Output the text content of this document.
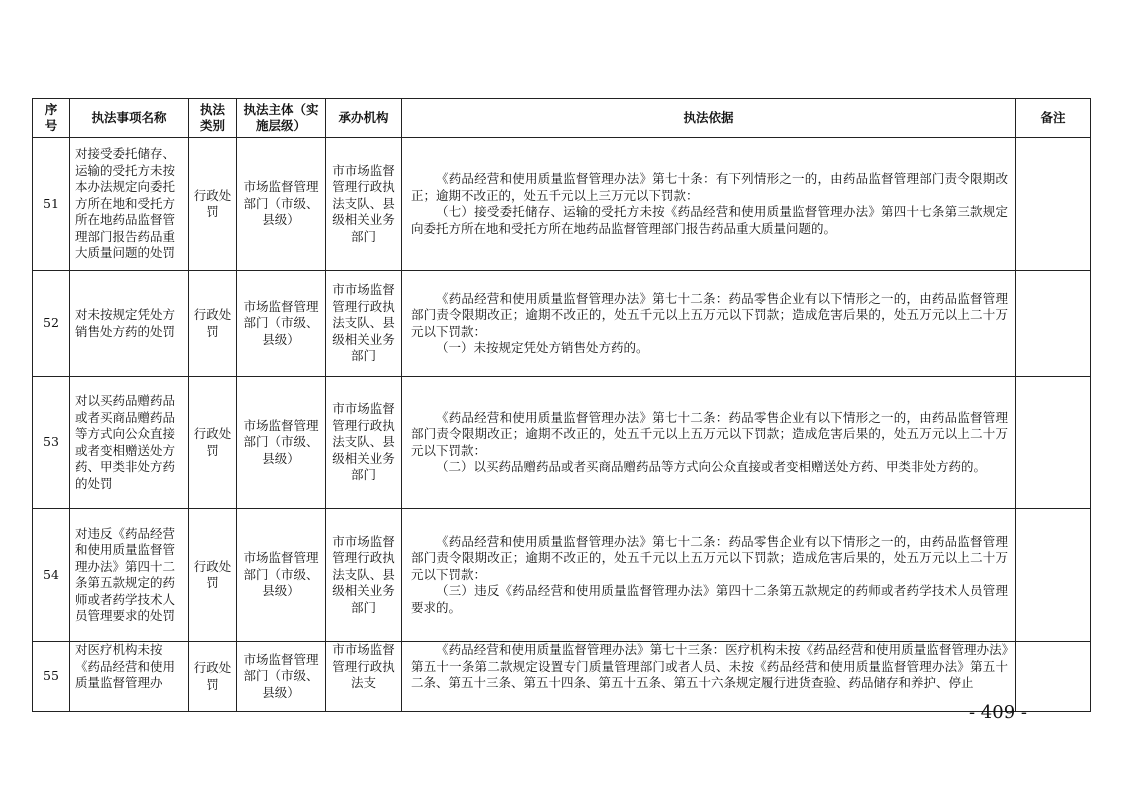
序号	执法事项名称	执法类别	执法主体（实施层级）	承办机构	执法依据	备注
51	对接受委托储存、运输的受托方未按本办法规定向委托方所在地和受托方所在地药品监督管理部门报告药品重大质量问题的处罚	行政处罚	市场监督管理部门（市级、县级）	市市场监督管理行政执法支队、县级相关业务部门	《药品经营和使用质量监督管理办法》第七十条：有下列情形之一的，由药品监督管理部门责令限期改正；逾期不改正的，处五千元以上三万元以下罚款：
（七）接受委托储存、运输的受托方未按《药品经营和使用质量监督管理办法》第四十七条第三款规定向委托方所在地和受托方所在地药品监督管理部门报告药品重大质量问题的。	

52	对未按规定凭处方销售处方药的处罚	行政处罚	市场监督管理部门（市级、县级）	市市场监督管理行政执法支队、县级相关业务部门	《药品经营和使用质量监督管理办法》第七十二条：药品零售企业有以下情形之一的，由药品监督管理部门责令限期改正；逾期不改正的，处五千元以上五万元以下罚款；造成危害后果的，处五万元以上二十万元以下罚款：
（一）未按规定凭处方销售处方药的。	

53	对以买药品赠药品或者买商品赠药品等方式向公众直接或者变相赠送处方药、甲类非处方药的处罚	行政处罚	市场监督管理部门（市级、县级）	市市场监督管理行政执法支队、县级相关业务部门	《药品经营和使用质量监督管理办法》第七十二条：药品零售企业有以下情形之一的，由药品监督管理部门责令限期改正；逾期不改正的，处五千元以上五万元以下罚款；造成危害后果的，处五万元以上二十万元以下罚款：
（二）以买药品赠药品或者买商品赠药品等方式向公众直接或者变相赠送处方药、甲类非处方药的。	

54	对违反《药品经营和使用质量监督管理办法》第四十二条第五款规定的药师或者药学技术人员管理要求的处罚	行政处罚	市场监督管理部门（市级、县级）	市市场监督管理行政执法支队、县级相关业务部门	《药品经营和使用质量监督管理办法》第七十二条：药品零售企业有以下情形之一的，由药品监督管理部门责令限期改正；逾期不改正的，处五千元以上五万元以下罚款；造成危害后果的，处五万元以上二十万元以下罚款：
（三）违反《药品经营和使用质量监督管理办法》第四十二条第五款规定的药师或者药学技术人员管理要求的。	

55	对医疗机构未按《药品经营和使用质量监督管理办	行政处罚	市场监督管理部门（市级、县级）	市市场监督管理行政执法支	《药品经营和使用质量监督管理办法》第七十三条：医疗机构未按《药品经营和使用质量监督管理办法》第五十一条第二款规定设置专门质量管理部门或者人员、未按《药品经营和使用质量监督管理办法》第五十二条、第五十三条、第五十四条、第五十五条、第五十六条规定履行进货查验、药品储存和养护、停止	

- 409 -
